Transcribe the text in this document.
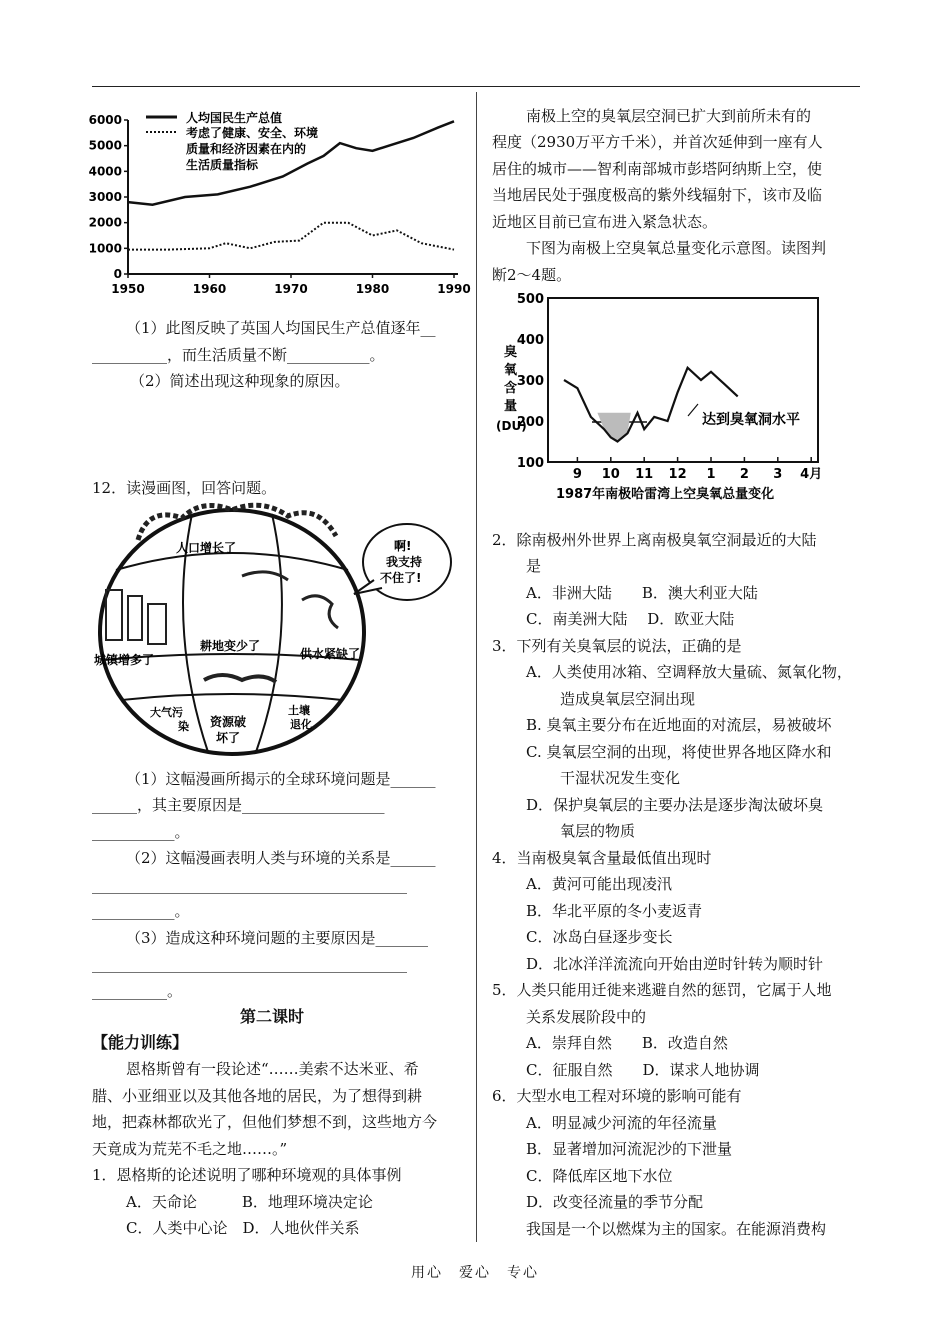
6000
5000
4000
3000
2000
1000
0
1950	1960	1970	1980	1990
人均国民生产总值
考虑了健康、安全、环境
质量和经济因素在内的
生活质量指标
（1）此图反映了英国人均国民生产总值逐年__
__________，而生活质量不断___________。
（2）简述出现这种现象的原因。
12．读漫画图，回答问题。
啊!
我支持
不住了!
人口增长了
城镇增多了
耕地变少了
供水紧缺了
大气污
染 资源破
坏了
土壤
退化
（1）这幅漫画所揭示的全球环境问题是______
______，其主要原因是___________________
___________。
（2）这幅漫画表明人类与环境的关系是______
__________________________________________
___________。
（3）造成这种环境问题的主要原因是_______
__________________________________________
__________。
第二课时
【能力训练】
恩格斯曾有一段论述“……美索不达米亚、希
腊、小亚细亚以及其他各地的居民，为了想得到耕
地，把森林都砍光了，但他们梦想不到，这些地方今
天竟成为荒芜不毛之地……。”
1．恩格斯的论述说明了哪种环境观的具体事例
A．天命论　　　B．地理环境决定论
C．人类中心论　D．人地伙伴关系
南极上空的臭氧层空洞已扩大到前所未有的
程度（2930万平方千米），并首次延伸到一座有人
居住的城市——智利南部城市彭塔阿纳斯上空，使
当地居民处于强度极高的紫外线辐射下，该市及临
近地区目前已宣布进入紧急状态。
下图为南极上空臭氧总量变化示意图。读图判
断2～4题。
500
400
300
200
100
9 10 11 12 1 2 3 4月
臭
氧
含
量
(DU)	达到臭氧洞水平
1987年南极哈雷湾上空臭氧总量变化
2．除南极州外世界上离南极臭氧空洞最近的大陆
是
A．非洲大陆　　B．澳大利亚大陆
C．南美洲大陆　 D．欧亚大陆
3．下列有关臭氧层的说法，正确的是
A．人类使用冰箱、空调释放大量硫、氮氧化物，
造成臭氧层空洞出现
B. 臭氧主要分布在近地面的对流层，易被破坏
C. 臭氧层空洞的出现，将使世界各地区降水和
干湿状况发生变化
D．保护臭氧层的主要办法是逐步淘汰破坏臭
氧层的物质
4．当南极臭氧含量最低值出现时
A．黄河可能出现凌汛
B．华北平原的冬小麦返青
C．冰岛白昼逐步变长
D．北冰洋洋流流向开始由逆时针转为顺时针
5．人类只能用迁徙来逃避自然的惩罚，它属于人地
关系发展阶段中的
A．崇拜自然　　B．改造自然
C．征服自然　　D．谋求人地协调
6．大型水电工程对环境的影响可能有
A．明显减少河流的年径流量
B．显著增加河流泥沙的下泄量
C．降低库区地下水位
D．改变径流量的季节分配
我国是一个以燃煤为主的国家。在能源消费构
用心　爱心　专心
